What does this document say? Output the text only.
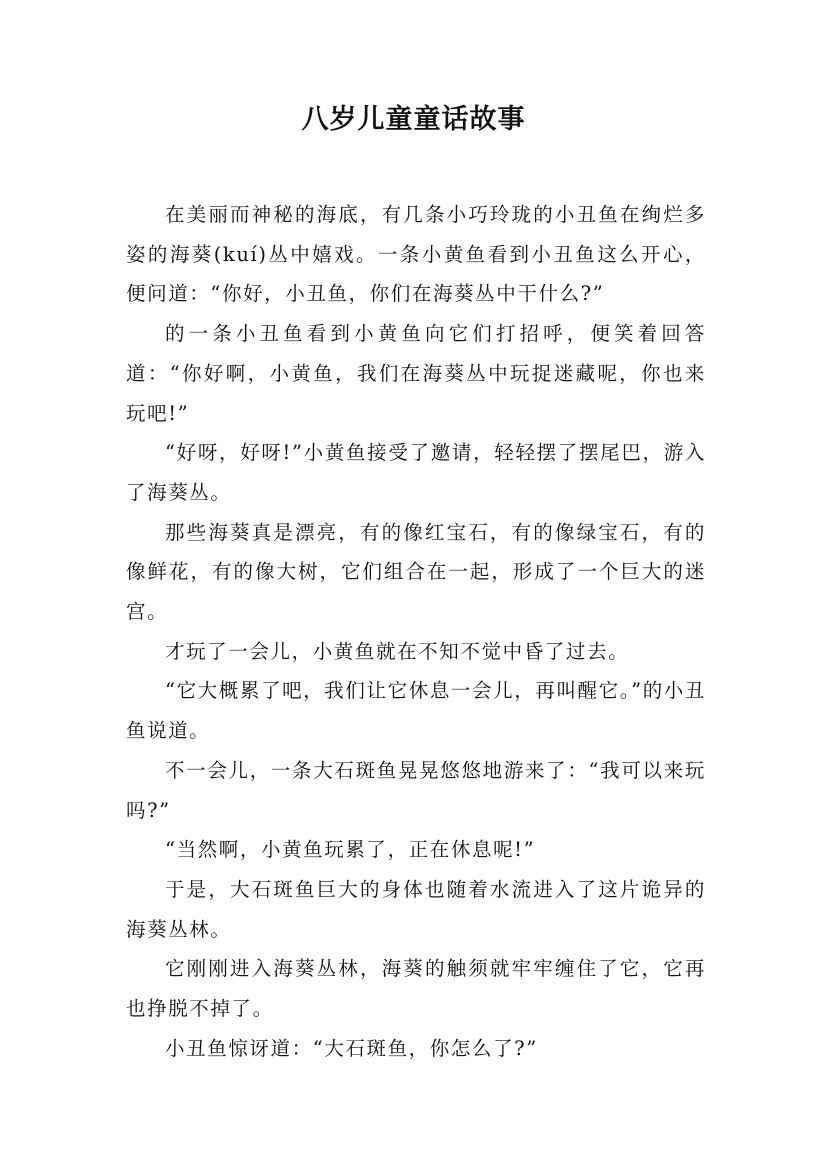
八岁儿童童话故事

在美丽而神秘的海底，有几条小巧玲珑的小丑鱼在绚烂多姿的海葵(kuí)丛中嬉戏。一条小黄鱼看到小丑鱼这么开心，便问道：“你好，小丑鱼，你们在海葵丛中干什么?”

的一条小丑鱼看到小黄鱼向它们打招呼，便笑着回答道：“你好啊，小黄鱼，我们在海葵丛中玩捉迷藏呢，你也来玩吧!”

“好呀，好呀!”小黄鱼接受了邀请，轻轻摆了摆尾巴，游入了海葵丛。

那些海葵真是漂亮，有的像红宝石，有的像绿宝石，有的像鲜花，有的像大树，它们组合在一起，形成了一个巨大的迷宫。

才玩了一会儿，小黄鱼就在不知不觉中昏了过去。

“它大概累了吧，我们让它休息一会儿，再叫醒它。”的小丑鱼说道。

不一会儿，一条大石斑鱼晃晃悠悠地游来了：“我可以来玩吗?”

“当然啊，小黄鱼玩累了，正在休息呢!”

于是，大石斑鱼巨大的身体也随着水流进入了这片诡异的海葵丛林。

它刚刚进入海葵丛林，海葵的触须就牢牢缠住了它，它再也挣脱不掉了。

小丑鱼惊讶道：“大石斑鱼，你怎么了?”
